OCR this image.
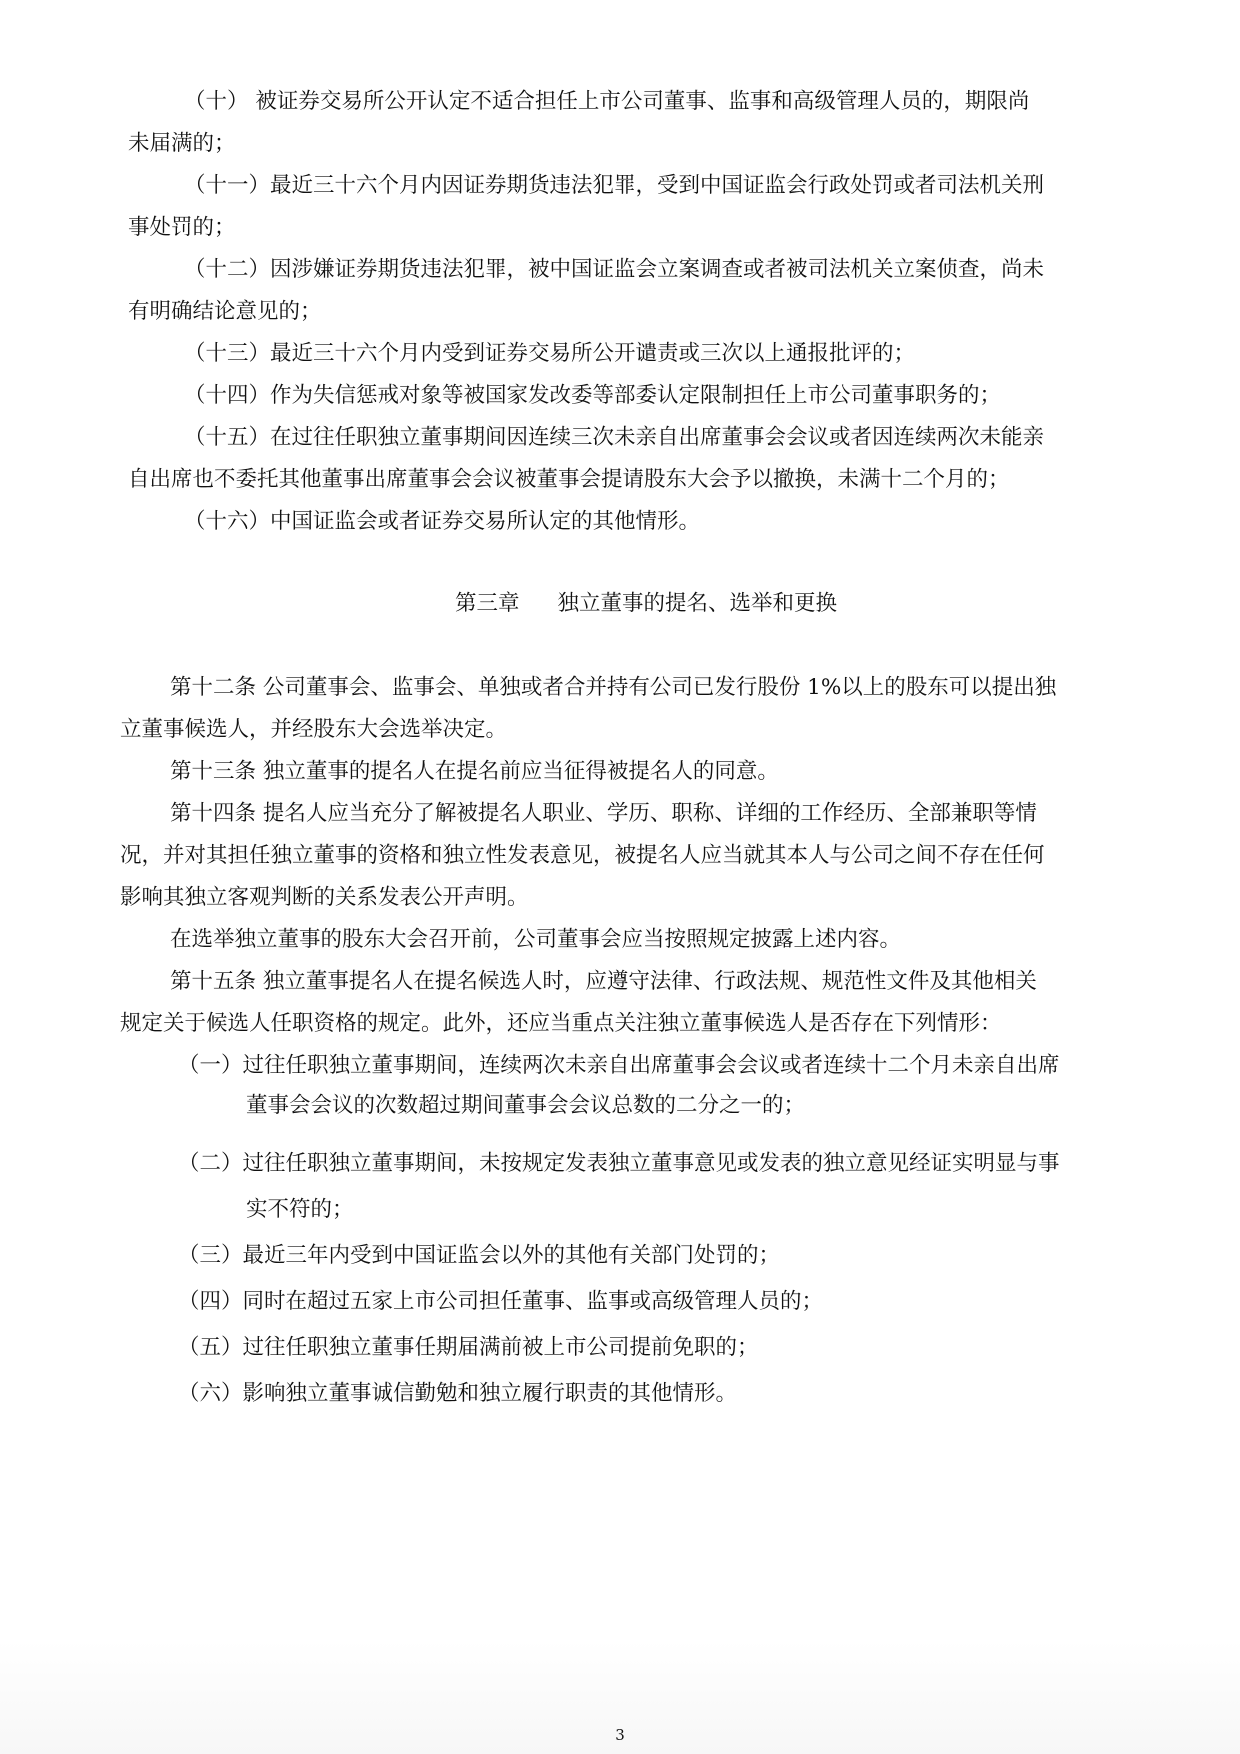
（十） 被证券交易所公开认定不适合担任上市公司董事、监事和高级管理人员的，期限尚
未届满的；
（十一）最近三十六个月内因证券期货违法犯罪，受到中国证监会行政处罚或者司法机关刑
事处罚的；
（十二）因涉嫌证券期货违法犯罪，被中国证监会立案调查或者被司法机关立案侦查，尚未
有明确结论意见的；
（十三）最近三十六个月内受到证券交易所公开谴责或三次以上通报批评的；
（十四）作为失信惩戒对象等被国家发改委等部委认定限制担任上市公司董事职务的；
（十五）在过往任职独立董事期间因连续三次未亲自出席董事会会议或者因连续两次未能亲
自出席也不委托其他董事出席董事会会议被董事会提请股东大会予以撤换，未满十二个月的；
（十六）中国证监会或者证券交易所认定的其他情形。
第三章 独立董事的提名、选举和更换
第十二条 公司董事会、监事会、单独或者合并持有公司已发行股份 1%以上的股东可以提出独
立董事候选人，并经股东大会选举决定。
第十三条 独立董事的提名人在提名前应当征得被提名人的同意。
第十四条 提名人应当充分了解被提名人职业、学历、职称、详细的工作经历、全部兼职等情
况，并对其担任独立董事的资格和独立性发表意见，被提名人应当就其本人与公司之间不存在任何
影响其独立客观判断的关系发表公开声明。
在选举独立董事的股东大会召开前，公司董事会应当按照规定披露上述内容。
第十五条 独立董事提名人在提名候选人时，应遵守法律、行政法规、规范性文件及其他相关
规定关于候选人任职资格的规定。此外，还应当重点关注独立董事候选人是否存在下列情形：
（一）过往任职独立董事期间，连续两次未亲自出席董事会会议或者连续十二个月未亲自出席
董事会会议的次数超过期间董事会会议总数的二分之一的；
（二）过往任职独立董事期间，未按规定发表独立董事意见或发表的独立意见经证实明显与事
实不符的；
（三）最近三年内受到中国证监会以外的其他有关部门处罚的；
（四）同时在超过五家上市公司担任董事、监事或高级管理人员的；
（五）过往任职独立董事任期届满前被上市公司提前免职的；
（六）影响独立董事诚信勤勉和独立履行职责的其他情形。
3
